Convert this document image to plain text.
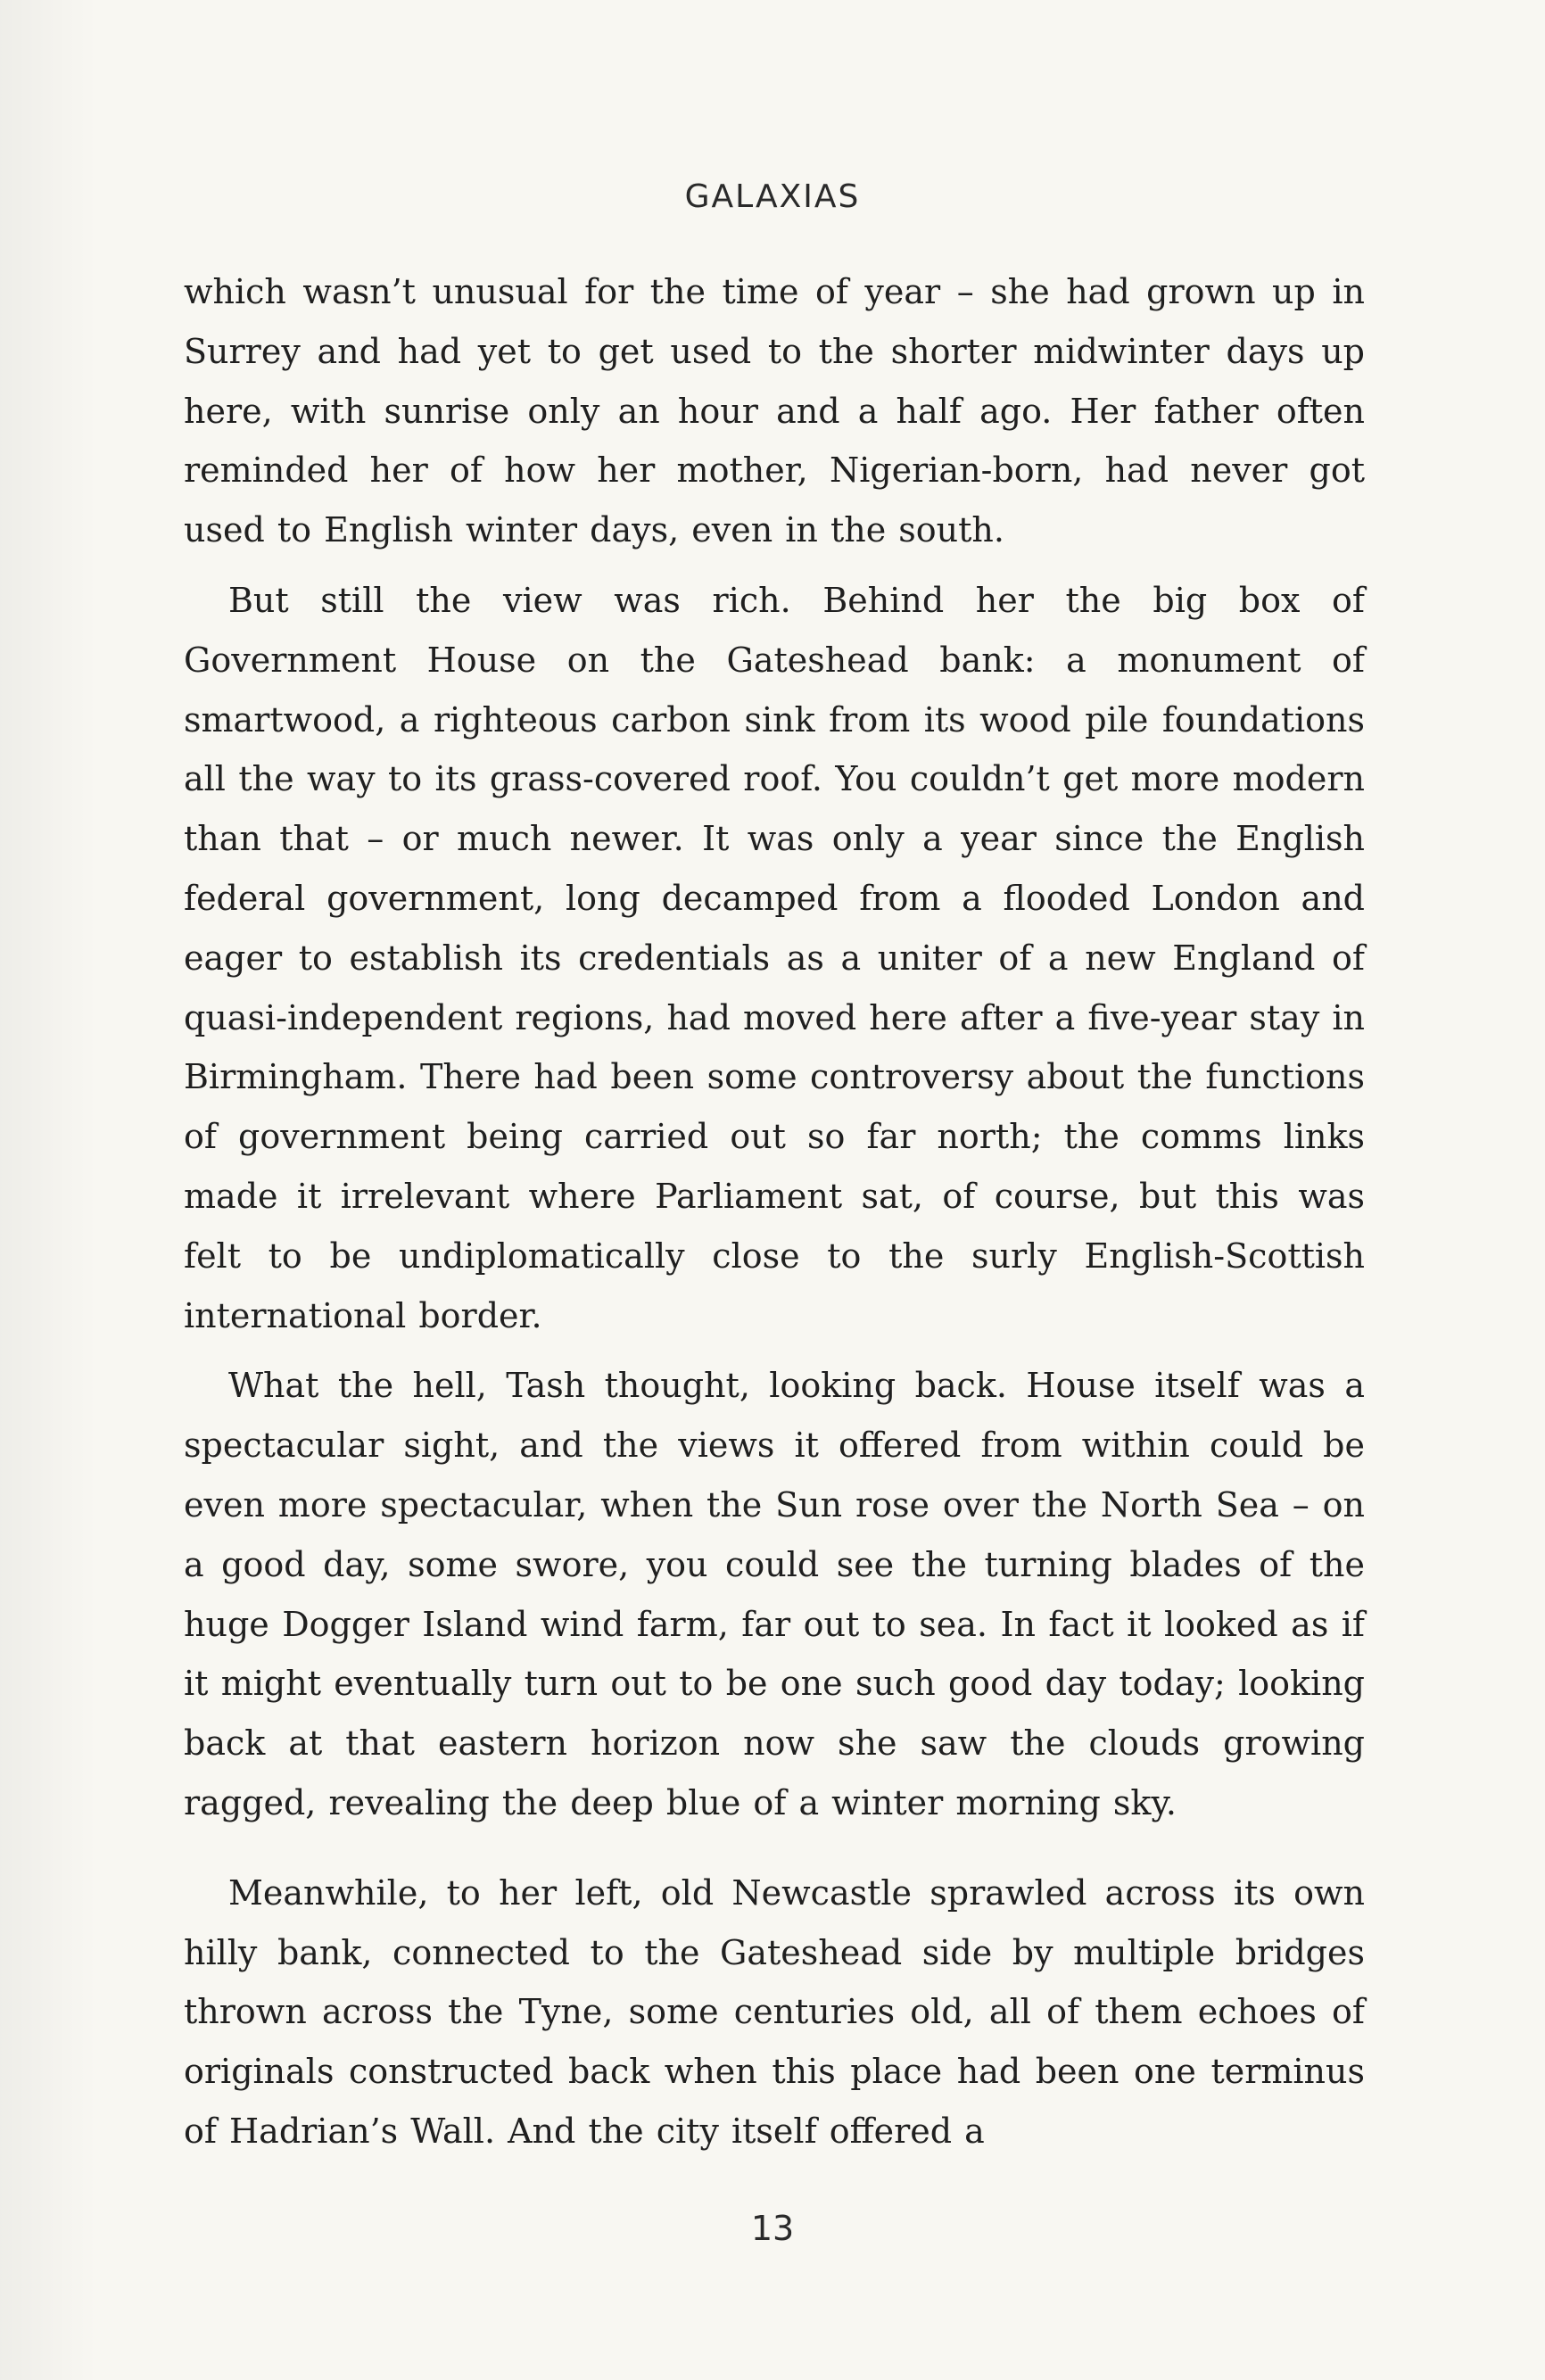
GALAXIAS

which wasn’t unusual for the time of year – she had grown up in Surrey and had yet to get used to the shorter midwinter days up here, with sunrise only an hour and a half ago. Her father often reminded her of how her mother, Nigerian-born, had never got used to English winter days, even in the south.

But still the view was rich. Behind her the big box of Government House on the Gateshead bank: a monument of smartwood, a righteous carbon sink from its wood pile foundations all the way to its grass-covered roof. You couldn’t get more modern than that – or much newer. It was only a year since the English federal government, long decamped from a flooded London and eager to establish its credentials as a uniter of a new England of quasi-independent regions, had moved here after a five-year stay in Birmingham. There had been some controversy about the functions of government being carried out so far north; the comms links made it irrelevant where Parliament sat, of course, but this was felt to be undiplomatically close to the surly English-Scottish international border.

What the hell, Tash thought, looking back. House itself was a spectacular sight, and the views it offered from within could be even more spectacular, when the Sun rose over the North Sea – on a good day, some swore, you could see the turning blades of the huge Dogger Island wind farm, far out to sea. In fact it looked as if it might eventually turn out to be one such good day today; looking back at that eastern horizon now she saw the clouds growing ragged, revealing the deep blue of a winter morning sky.

Meanwhile, to her left, old Newcastle sprawled across its own hilly bank, connected to the Gateshead side by multiple bridges thrown across the Tyne, some centuries old, all of them echoes of originals constructed back when this place had been one terminus of Hadrian’s Wall. And the city itself offered a

13
